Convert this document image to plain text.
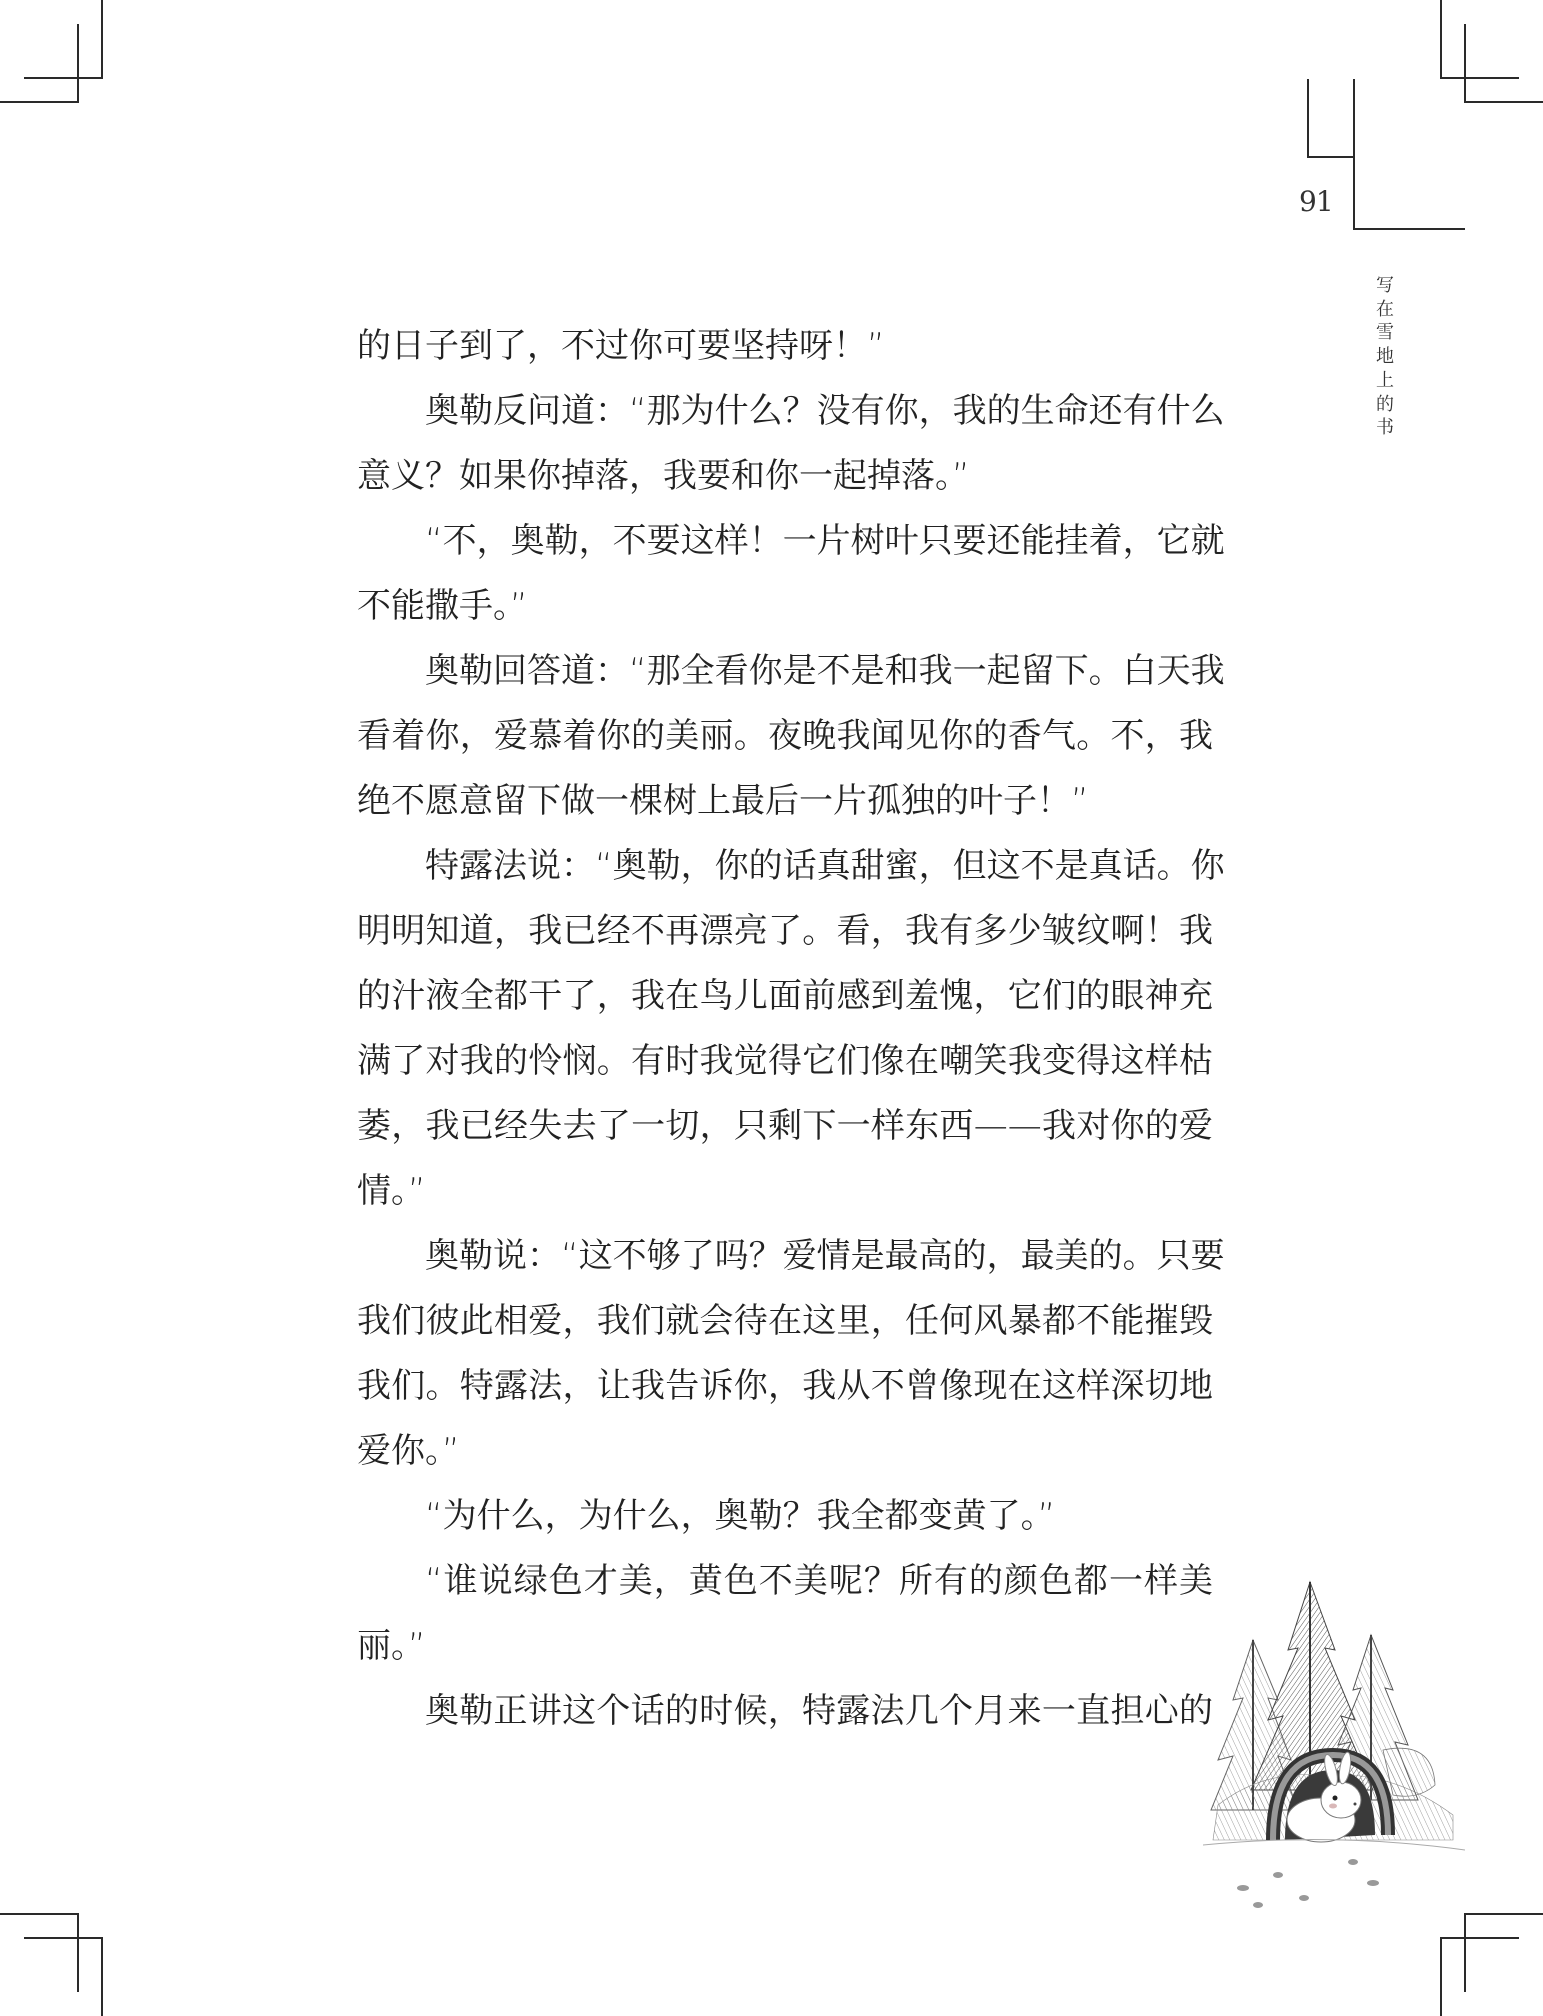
91
写
在
雪
地
上
的
书
的日子到了，不过你可要坚持呀！”
奥勒反问道：“那为什么？没有你，我的生命还有什么
意义？如果你掉落，我要和你一起掉落。”
“不，奥勒，不要这样！一片树叶只要还能挂着，它就
不能撒手。”
奥勒回答道：“那全看你是不是和我一起留下。白天我
看着你，爱慕着你的美丽。夜晚我闻见你的香气。不，我
绝不愿意留下做一棵树上最后一片孤独的叶子！”
特露法说：“奥勒，你的话真甜蜜，但这不是真话。你
明明知道，我已经不再漂亮了。看，我有多少皱纹啊！我
的汁液全都干了，我在鸟儿面前感到羞愧，它们的眼神充
满了对我的怜悯。有时我觉得它们像在嘲笑我变得这样枯
萎，我已经失去了一切，只剩下一样东西——我对你的爱
情。”
奥勒说：“这不够了吗？爱情是最高的，最美的。只要
我们彼此相爱，我们就会待在这里，任何风暴都不能摧毁
我们。特露法，让我告诉你，我从不曾像现在这样深切地
爱你。”
“为什么，为什么，奥勒？我全都变黄了。”
“谁说绿色才美，黄色不美呢？所有的颜色都一样美
丽。”
奥勒正讲这个话的时候，特露法几个月来一直担心的
